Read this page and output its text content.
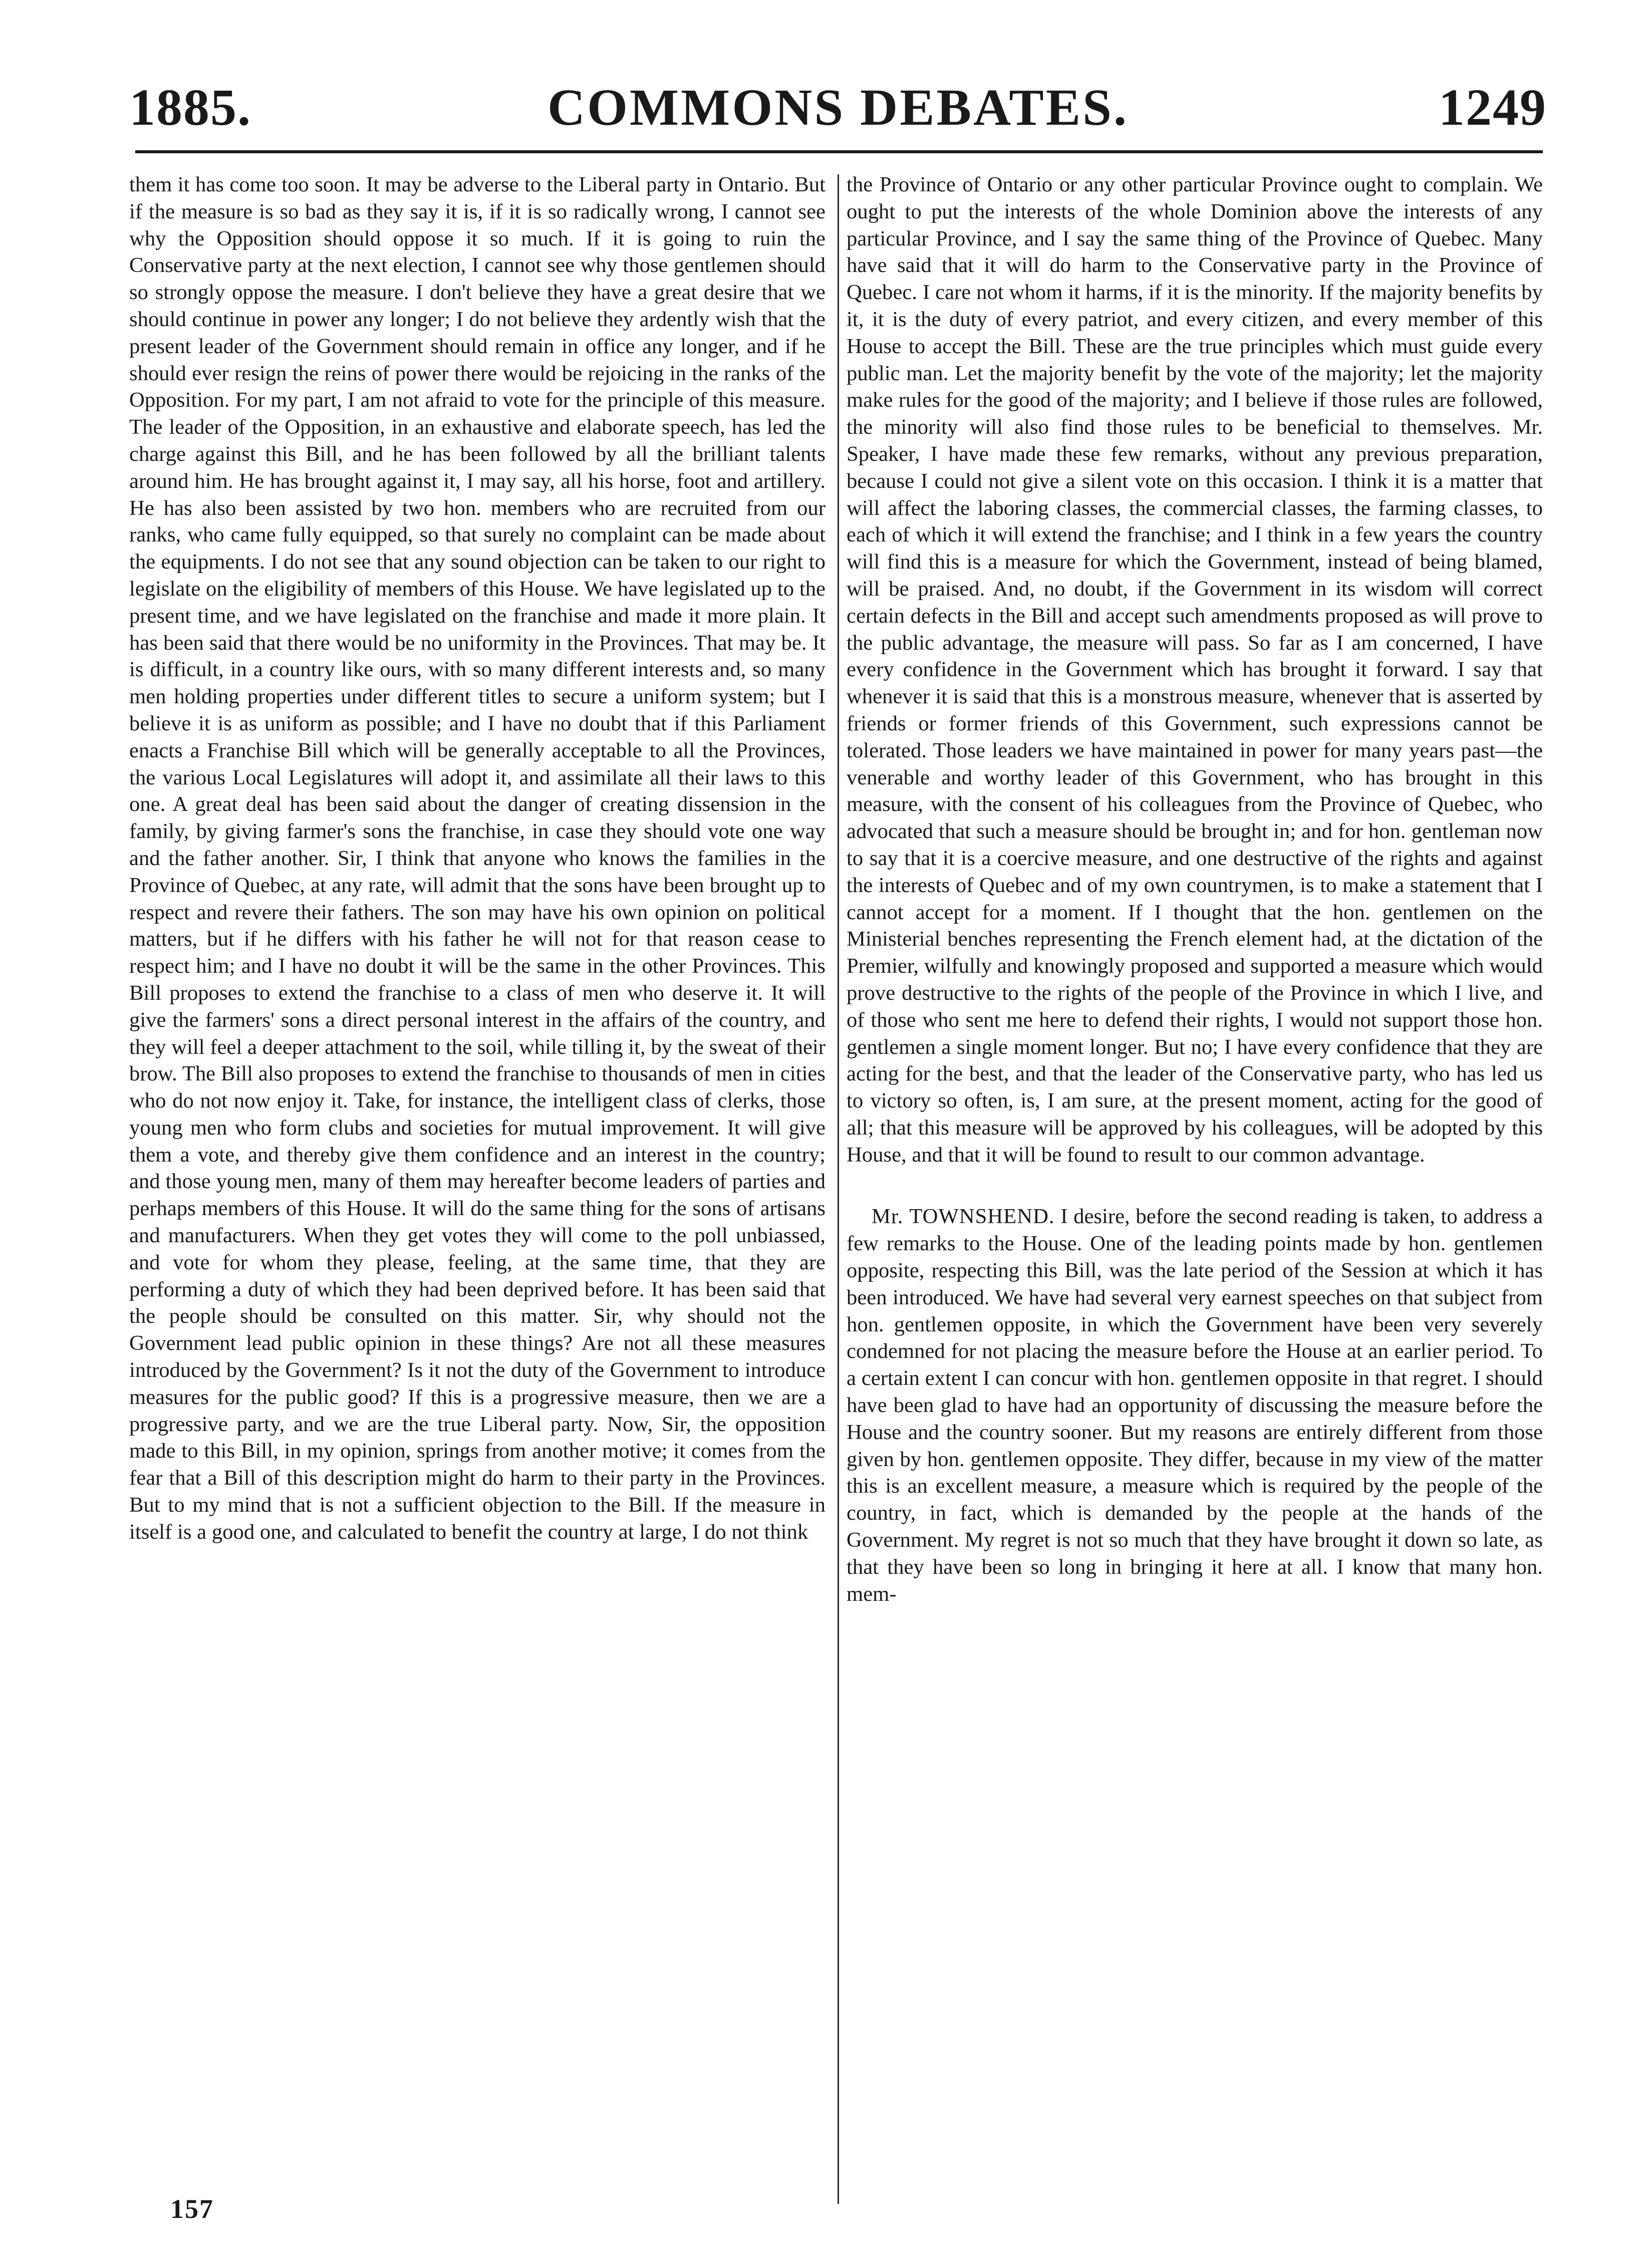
1885.	COMMONS DEBATES.	1249

them it has come too soon. It may be adverse to the Liberal party in Ontario. But if the measure is so bad as they say it is, if it is so radically wrong, I cannot see why the Opposition should oppose it so much. If it is going to ruin the Conservative party at the next election, I cannot see why those gentlemen should so strongly oppose the measure. I don't believe they have a great desire that we should continue in power any longer; I do not believe they ardently wish that the present leader of the Government should remain in office any longer, and if he should ever resign the reins of power there would be rejoicing in the ranks of the Opposition. For my part, I am not afraid to vote for the principle of this measure. The leader of the Opposition, in an exhaustive and elaborate speech, has led the charge against this Bill, and he has been followed by all the brilliant talents around him. He has brought against it, I may say, all his horse, foot and artillery. He has also been assisted by two hon. members who are recruited from our ranks, who came fully equipped, so that surely no complaint can be made about the equipments. I do not see that any sound objection can be taken to our right to legislate on the eligibility of members of this House. We have legislated up to the present time, and we have legislated on the franchise and made it more plain. It has been said that there would be no uniformity in the Provinces. That may be. It is difficult, in a country like ours, with so many different interests and, so many men holding properties under different titles to secure a uniform system; but I believe it is as uniform as possible; and I have no doubt that if this Parliament enacts a Franchise Bill which will be generally acceptable to all the Provinces, the various Local Legislatures will adopt it, and assimilate all their laws to this one. A great deal has been said about the danger of creating dissension in the family, by giving farmer's sons the franchise, in case they should vote one way and the father another. Sir, I think that anyone who knows the families in the Province of Quebec, at any rate, will admit that the sons have been brought up to respect and revere their fathers. The son may have his own opinion on political matters, but if he differs with his father he will not for that reason cease to respect him; and I have no doubt it will be the same in the other Provinces. This Bill proposes to extend the franchise to a class of men who deserve it. It will give the farmers' sons a direct personal interest in the affairs of the country, and they will feel a deeper attachment to the soil, while tilling it, by the sweat of their brow. The Bill also proposes to extend the franchise to thousands of men in cities who do not now enjoy it. Take, for instance, the intelligent class of clerks, those young men who form clubs and societies for mutual improvement. It will give them a vote, and thereby give them confidence and an interest in the country; and those young men, many of them may hereafter become leaders of parties and perhaps members of this House. It will do the same thing for the sons of artisans and manufacturers. When they get votes they will come to the poll unbiassed, and vote for whom they please, feeling, at the same time, that they are performing a duty of which they had been deprived before. It has been said that the people should be consulted on this matter. Sir, why should not the Government lead public opinion in these things? Are not all these measures introduced by the Government? Is it not the duty of the Government to introduce measures for the public good? If this is a progressive measure, then we are a progressive party, and we are the true Liberal party. Now, Sir, the opposition made to this Bill, in my opinion, springs from another motive; it comes from the fear that a Bill of this description might do harm to their party in the Provinces. But to my mind that is not a sufficient objection to the Bill. If the measure in itself is a good one, and calculated to benefit the country at large, I do not think

the Province of Ontario or any other particular Province ought to complain. We ought to put the interests of the whole Dominion above the interests of any particular Province, and I say the same thing of the Province of Quebec. Many have said that it will do harm to the Conservative party in the Province of Quebec. I care not whom it harms, if it is the minority. If the majority benefits by it, it is the duty of every patriot, and every citizen, and every member of this House to accept the Bill. These are the true principles which must guide every public man. Let the majority benefit by the vote of the majority; let the majority make rules for the good of the majority; and I believe if those rules are followed, the minority will also find those rules to be beneficial to themselves. Mr. Speaker, I have made these few remarks, without any previous preparation, because I could not give a silent vote on this occasion. I think it is a matter that will affect the laboring classes, the commercial classes, the farming classes, to each of which it will extend the franchise; and I think in a few years the country will find this is a measure for which the Government, instead of being blamed, will be praised. And, no doubt, if the Government in its wisdom will correct certain defects in the Bill and accept such amendments proposed as will prove to the public advantage, the measure will pass. So far as I am concerned, I have every confidence in the Government which has brought it forward. I say that whenever it is said that this is a monstrous measure, whenever that is asserted by friends or former friends of this Government, such expressions cannot be tolerated. Those leaders we have maintained in power for many years past—the venerable and worthy leader of this Government, who has brought in this measure, with the consent of his colleagues from the Province of Quebec, who advocated that such a measure should be brought in; and for hon. gentleman now to say that it is a coercive measure, and one destructive of the rights and against the interests of Quebec and of my own countrymen, is to make a statement that I cannot accept for a moment. If I thought that the hon. gentlemen on the Ministerial benches representing the French element had, at the dictation of the Premier, wilfully and knowingly proposed and supported a measure which would prove destructive to the rights of the people of the Province in which I live, and of those who sent me here to defend their rights, I would not support those hon. gentlemen a single moment longer. But no; I have every confidence that they are acting for the best, and that the leader of the Conservative party, who has led us to victory so often, is, I am sure, at the present moment, acting for the good of all; that this measure will be approved by his colleagues, will be adopted by this House, and that it will be found to result to our common advantage.

Mr. TOWNSHEND. I desire, before the second reading is taken, to address a few remarks to the House. One of the leading points made by hon. gentlemen opposite, respecting this Bill, was the late period of the Session at which it has been introduced. We have had several very earnest speeches on that subject from hon. gentlemen opposite, in which the Government have been very severely condemned for not placing the measure before the House at an earlier period. To a certain extent I can concur with hon. gentlemen opposite in that regret. I should have been glad to have had an opportunity of discussing the measure before the House and the country sooner. But my reasons are entirely different from those given by hon. gentlemen opposite. They differ, because in my view of the matter this is an excellent measure, a measure which is required by the people of the country, in fact, which is demanded by the people at the hands of the Government. My regret is not so much that they have brought it down so late, as that they have been so long in bringing it here at all. I know that many hon. mem-

157
